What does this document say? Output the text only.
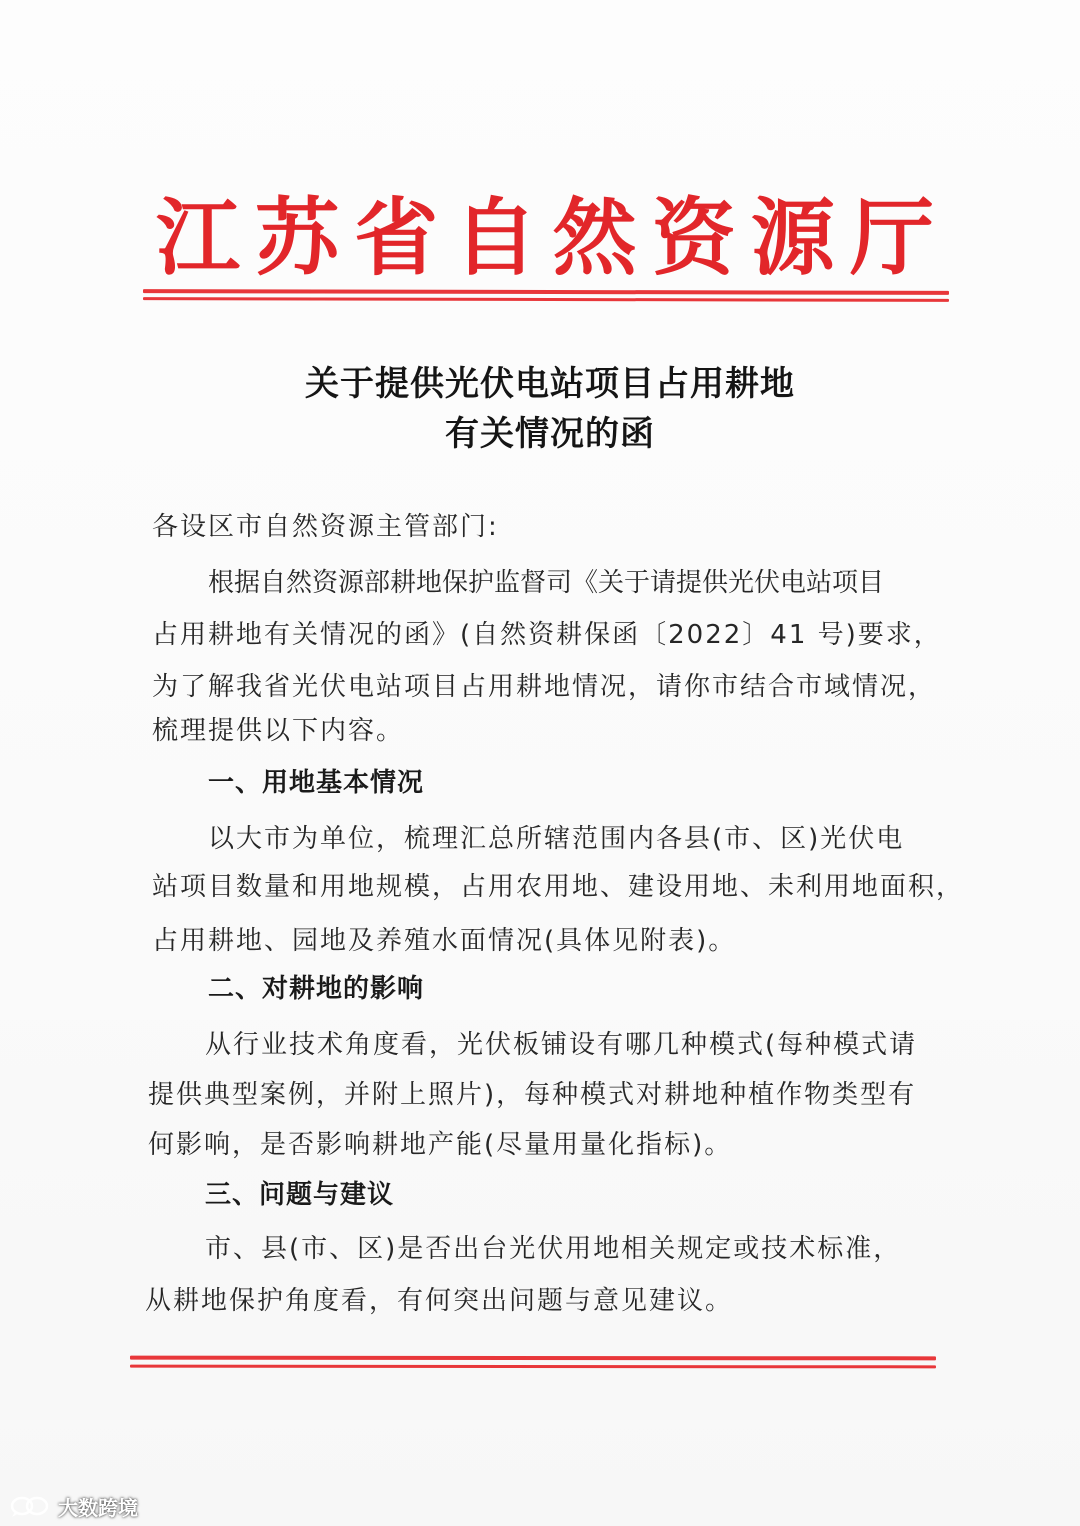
江 苏 省 自 然 资 源 厅
关于提供光伏电站项目占用耕地
有关情况的函
各设区市自然资源主管部门:
根据自然资源部耕地保护监督司《关于请提供光伏电站项目
占用耕地有关情况的函》(自然资耕保函〔2022〕41 号)要求，
为了解我省光伏电站项目占用耕地情况，请你市结合市域情况，
梳理提供以下内容。
一、用地基本情况
以大市为单位，梳理汇总所辖范围内各县(市、区)光伏电
站项目数量和用地规模，占用农用地、建设用地、未利用地面积，
占用耕地、园地及养殖水面情况(具体见附表)。
二、对耕地的影响
从行业技术角度看，光伏板铺设有哪几种模式(每种模式请
提供典型案例，并附上照片)，每种模式对耕地种植作物类型有
何影响，是否影响耕地产能(尽量用量化指标)。
三、问题与建议
市、县(市、区)是否出台光伏用地相关规定或技术标准，
从耕地保护角度看，有何突出问题与意见建议。
大数跨境
